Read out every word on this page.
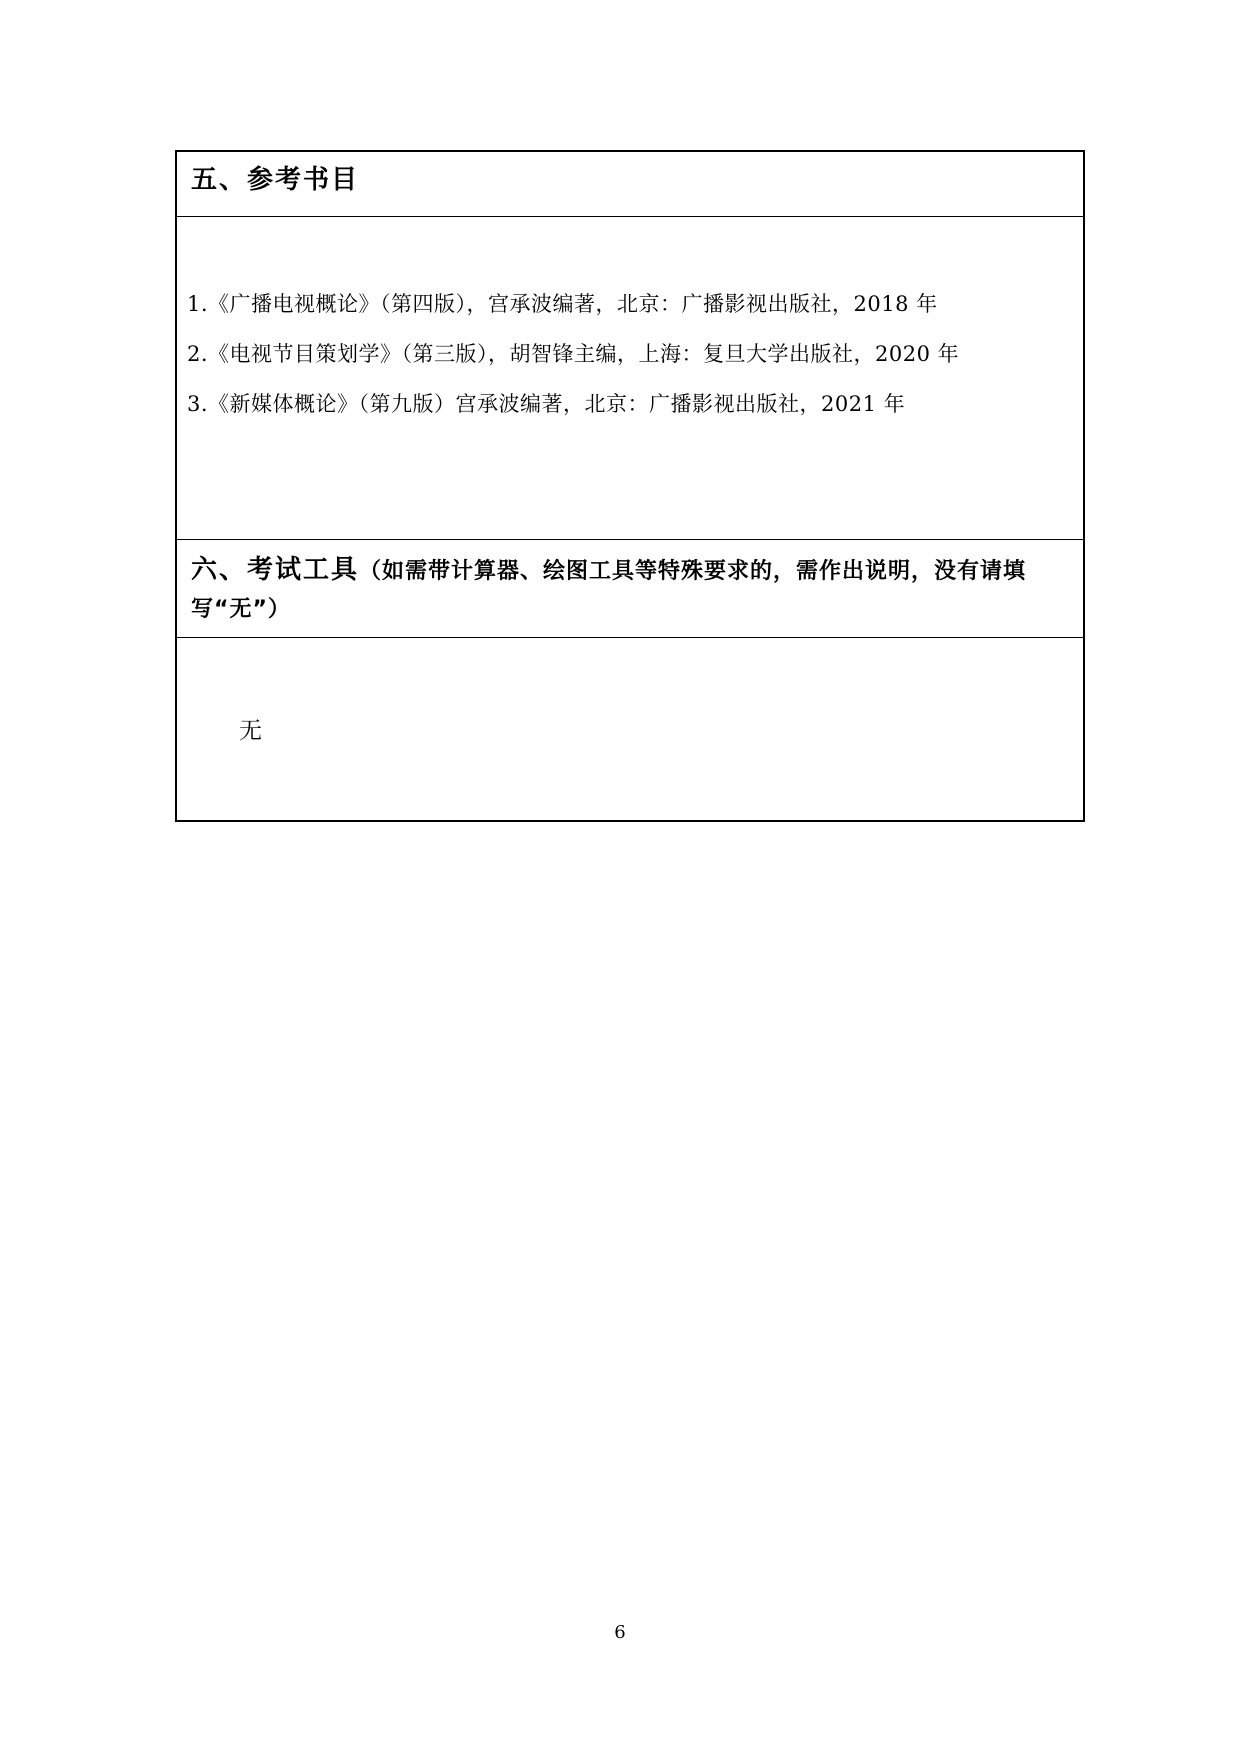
五、参考书目
1.《广播电视概论》（第四版），宫承波编著，北京：广播影视出版社，2018 年
2.《电视节目策划学》（第三版），胡智锋主编，上海：复旦大学出版社，2020 年
3.《新媒体概论》（第九版）宫承波编著，北京：广播影视出版社，2021 年
六、考试工具（如需带计算器、绘图工具等特殊要求的，需作出说明，没有请填写“无”）
无
6
